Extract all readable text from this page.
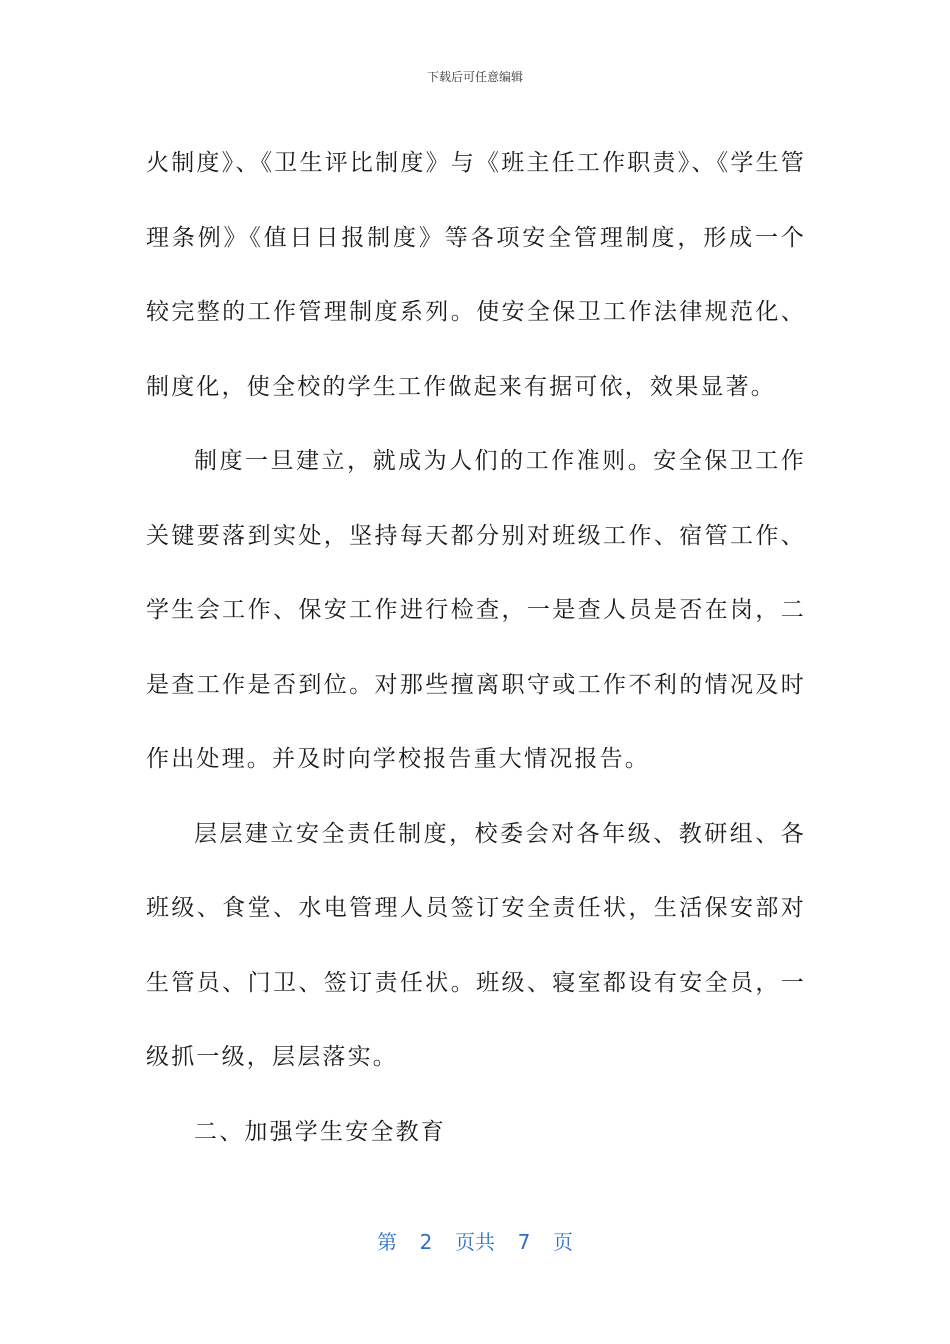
下载后可任意编辑

火制度》、《卫生评比制度》与《班主任工作职责》、《学生管理条例》《值日日报制度》等各项安全管理制度，形成一个较完整的工作管理制度系列。使安全保卫工作法律规范化、制度化，使全校的学生工作做起来有据可依，效果显著。

制度一旦建立，就成为人们的工作准则。安全保卫工作关键要落到实处，坚持每天都分别对班级工作、宿管工作、学生会工作、保安工作进行检查，一是查人员是否在岗，二是查工作是否到位。对那些擅离职守或工作不利的情况及时作出处理。并及时向学校报告重大情况报告。

层层建立安全责任制度，校委会对各年级、教研组、各班级、食堂、水电管理人员签订安全责任状，生活保安部对生管员、门卫、签订责任状。班级、寝室都设有安全员，一级抓一级，层层落实。

二、加强学生安全教育

第 2 页共 7 页
